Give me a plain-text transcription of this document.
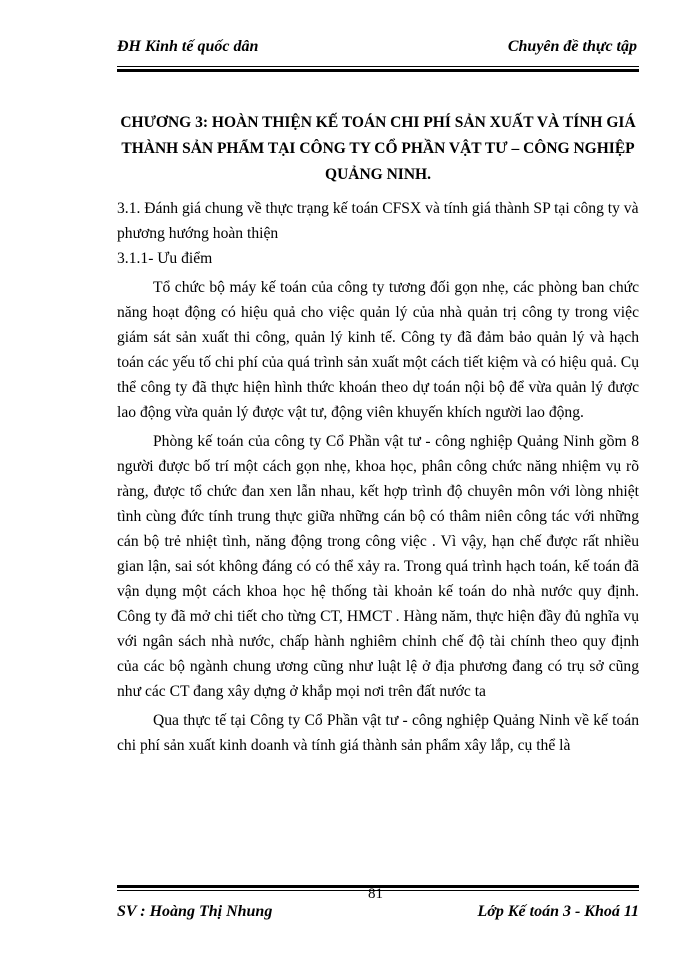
ĐH Kinh tế quốc dân	Chuyên đề thực tập
CHƯƠNG 3: HOÀN THIỆN KẾ TOÁN CHI PHÍ SẢN XUẤT VÀ TÍNH GIÁ THÀNH SẢN PHẨM TẠI CÔNG TY CỔ PHẦN VẬT TƯ – CÔNG NGHIỆP QUẢNG NINH.

3.1. Đánh giá chung về thực trạng kế toán CFSX và tính giá thành SP tại công ty và phương hướng hoàn thiện

3.1.1- Ưu điểm

Tổ chức bộ máy kế toán của công ty tương đối gọn nhẹ, các phòng ban chức năng hoạt động có hiệu quả cho việc quản lý của nhà quản trị công ty trong việc giám sát sản xuất thi công, quản lý kinh tế. Công ty đã đảm bảo quản lý và hạch toán các yếu tố chi phí của quá trình sản xuất một cách tiết kiệm và có hiệu quả. Cụ thể công ty đã thực hiện hình thức khoán theo dự toán nội bộ để vừa quản lý được lao động vừa quản lý được vật tư, động viên khuyến khích người lao động.

Phòng kế toán của công ty Cổ Phần vật tư - công nghiệp Quảng Ninh gồm 8 người được bố trí một cách gọn nhẹ, khoa học, phân công chức năng nhiệm vụ rõ ràng, được tổ chức đan xen lẫn nhau, kết hợp trình độ chuyên môn với lòng nhiệt tình cùng đức tính trung thực giữa những cán bộ có thâm niên công tác với những cán bộ trẻ nhiệt tình, năng động trong công việc . Vì vậy, hạn chế được rất nhiều gian lận, sai sót không đáng có có thể xảy ra. Trong quá trình hạch toán, kế toán đã vận dụng một cách khoa học hệ thống tài khoản kế toán do nhà nước quy định. Công ty đã mở chi tiết cho từng CT, HMCT . Hàng năm, thực hiện đầy đủ nghĩa vụ với ngân sách nhà nước, chấp hành nghiêm chỉnh chế độ tài chính theo quy định của các bộ ngành chung ương cũng như luật lệ ở địa phương đang có trụ sở cũng như các CT đang xây dựng ở khắp mọi nơi trên đất nước ta

Qua thực tế tại Công ty Cổ Phần vật tư - công nghiệp Quảng Ninh về kế toán chi phí sản xuất kinh doanh và tính giá thành sản phẩm xây lắp, cụ thể là

81
SV : Hoàng Thị Nhung	Lớp Kế toán 3 - Khoá 11
